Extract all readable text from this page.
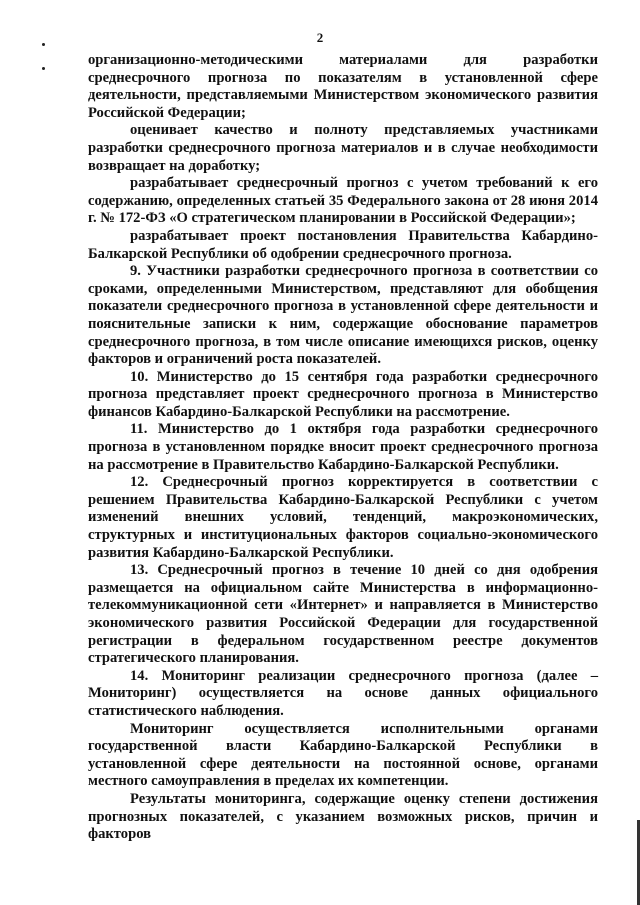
2

организационно-методическими материалами для разработки среднесрочного прогноза по показателям в установленной сфере деятельности, представляемыми Министерством экономического развития Российской Федерации;

оценивает качество и полноту представляемых участниками разработки среднесрочного прогноза материалов и в случае необходимости возвращает на доработку;

разрабатывает среднесрочный прогноз с учетом требований к его содержанию, определенных статьей 35 Федерального закона от 28 июня 2014 г. № 172-ФЗ «О стратегическом планировании в Российской Федерации»;

разрабатывает проект постановления Правительства Кабардино-Балкарской Республики об одобрении среднесрочного прогноза.

9. Участники разработки среднесрочного прогноза в соответствии со сроками, определенными Министерством, представляют для обобщения показатели среднесрочного прогноза в установленной сфере деятельности и пояснительные записки к ним, содержащие обоснование параметров среднесрочного прогноза, в том числе описание имеющихся рисков, оценку факторов и ограничений роста показателей.

10. Министерство до 15 сентября года разработки среднесрочного прогноза представляет проект среднесрочного прогноза в Министерство финансов Кабардино-Балкарской Республики на рассмотрение.

11. Министерство до 1 октября года разработки среднесрочного прогноза в установленном порядке вносит проект среднесрочного прогноза на рассмотрение в Правительство Кабардино-Балкарской Республики.

12. Среднесрочный прогноз корректируется в соответствии с решением Правительства Кабардино-Балкарской Республики с учетом изменений внешних условий, тенденций, макроэкономических, структурных и институциональных факторов социально-экономического развития Кабардино-Балкарской Республики.

13. Среднесрочный прогноз в течение 10 дней со дня одобрения размещается на официальном сайте Министерства в информационно-телекоммуникационной сети «Интернет» и направляется в Министерство экономического развития Российской Федерации для государственной регистрации в федеральном государственном реестре документов стратегического планирования.

14. Мониторинг реализации среднесрочного прогноза (далее – Мониторинг) осуществляется на основе данных официального статистического наблюдения.

Мониторинг осуществляется исполнительными органами государственной власти Кабардино-Балкарской Республики в установленной сфере деятельности на постоянной основе, органами местного самоуправления в пределах их компетенции.

Результаты мониторинга, содержащие оценку степени достижения прогнозных показателей, с указанием возможных рисков, причин и факторов
